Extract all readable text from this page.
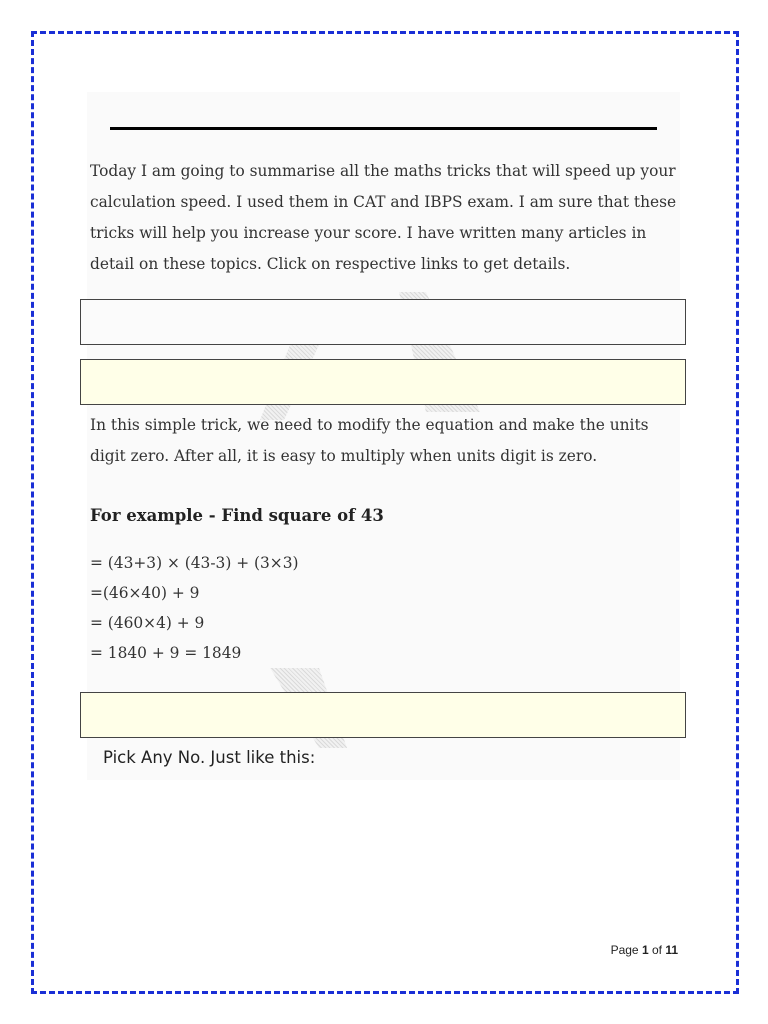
Today I am going to summarise all the maths tricks that will speed up your calculation speed. I used them in CAT and IBPS exam. I am sure that these tricks will help you increase your score. I have written many articles in detail on these topics. Click on respective links to get details.
In this simple trick, we need to modify the equation and make the units digit zero. After all, it is easy to multiply when units digit is zero.
For example - Find square of 43
= (43+3) × (43-3) + (3×3)
=(46×40) + 9
= (460×4) + 9
= 1840 + 9 = 1849
Pick Any No. Just like this:
Page 1 of 11
